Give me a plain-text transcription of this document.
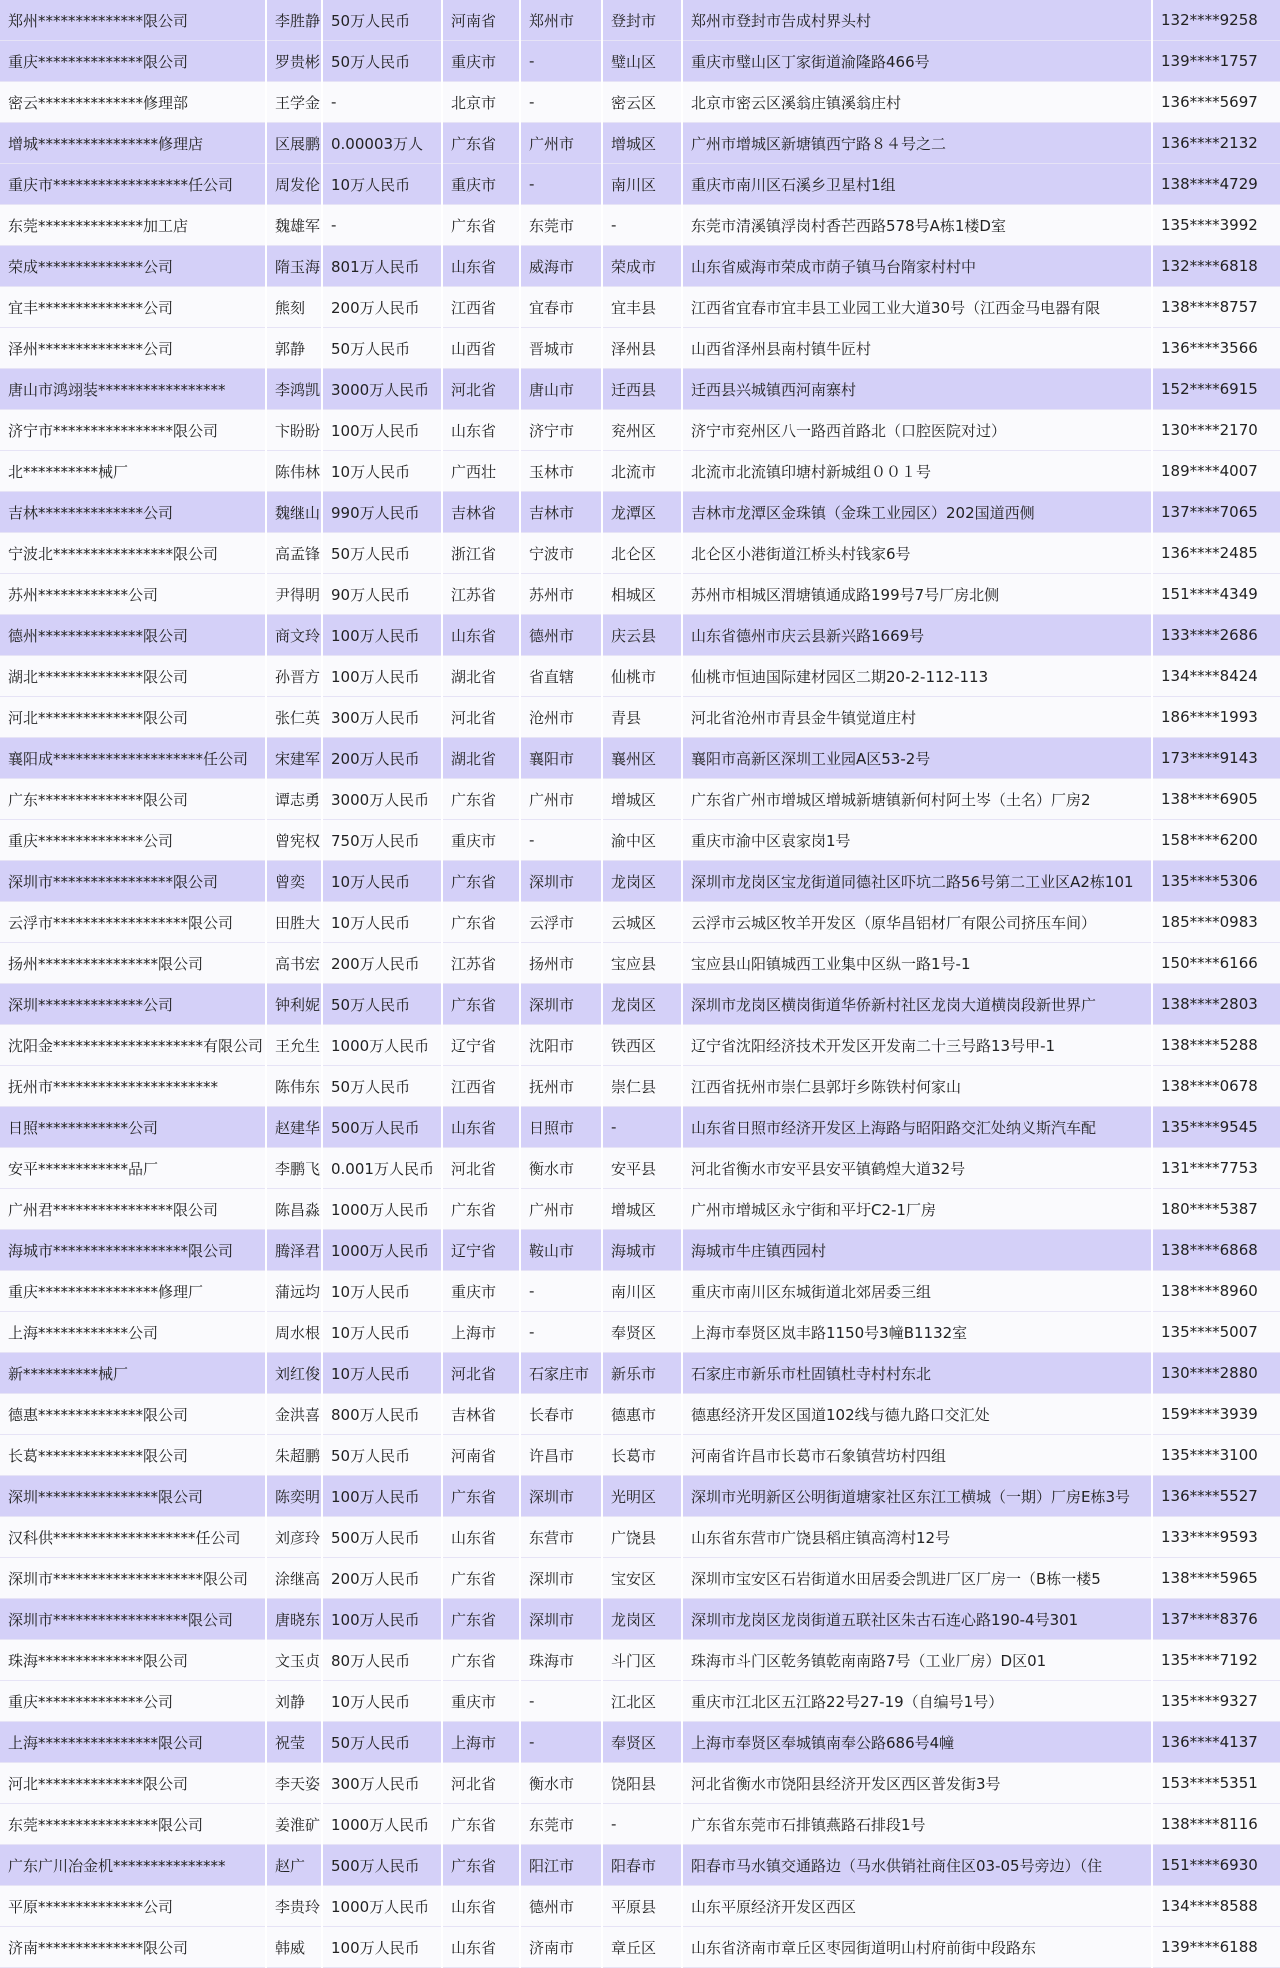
郑州**************限公司	李胜静	50万人民币	河南省	郑州市	登封市	郑州市登封市告成村界头村	132****9258
重庆**************限公司	罗贵彬	50万人民币	重庆市	-	璧山区	重庆市璧山区丁家街道渝隆路466号	139****1757
密云**************修理部	王学金	-	北京市	-	密云区	北京市密云区溪翁庄镇溪翁庄村	136****5697
增城****************修理店	区展鹏	0.00003万人	广东省	广州市	增城区	广州市增城区新塘镇西宁路８４号之二	136****2132
重庆市******************任公司	周发伦	10万人民币	重庆市	-	南川区	重庆市南川区石溪乡卫星村1组	138****4729
东莞**************加工店	魏雄军	-	广东省	东莞市	-	东莞市清溪镇浮岗村香芒西路578号A栋1楼D室	135****3992
荣成**************公司	隋玉海	801万人民币	山东省	威海市	荣成市	山东省威海市荣成市荫子镇马台隋家村村中	132****6818
宜丰**************公司	熊刻	200万人民币	江西省	宜春市	宜丰县	江西省宜春市宜丰县工业园工业大道30号（江西金马电器有限	138****8757
泽州**************公司	郭静	50万人民币	山西省	晋城市	泽州县	山西省泽州县南村镇牛匠村	136****3566
唐山市鸿翊装*****************	李鸿凯	3000万人民币	河北省	唐山市	迁西县	迁西县兴城镇西河南寨村	152****6915
济宁市****************限公司	卞盼盼	100万人民币	山东省	济宁市	兖州区	济宁市兖州区八一路西首路北（口腔医院对过）	130****2170
北**********械厂	陈伟林	10万人民币	广西壮	玉林市	北流市	北流市北流镇印塘村新城组００１号	189****4007
吉林**************公司	魏继山	990万人民币	吉林省	吉林市	龙潭区	吉林市龙潭区金珠镇（金珠工业园区）202国道西侧	137****7065
宁波北****************限公司	高孟锋	50万人民币	浙江省	宁波市	北仑区	北仑区小港街道江桥头村钱家6号	136****2485
苏州************公司	尹得明	90万人民币	江苏省	苏州市	相城区	苏州市相城区渭塘镇通成路199号7号厂房北侧	151****4349
德州**************限公司	商文玲	100万人民币	山东省	德州市	庆云县	山东省德州市庆云县新兴路1669号	133****2686
湖北**************限公司	孙晋方	100万人民币	湖北省	省直辖	仙桃市	仙桃市恒迪国际建材园区二期20-2-112-113	134****8424
河北**************限公司	张仁英	300万人民币	河北省	沧州市	青县	河北省沧州市青县金牛镇觉道庄村	186****1993
襄阳成********************任公司	宋建军	200万人民币	湖北省	襄阳市	襄州区	襄阳市高新区深圳工业园A区53-2号	173****9143
广东**************限公司	谭志勇	3000万人民币	广东省	广州市	增城区	广东省广州市增城区增城新塘镇新何村阿土岑（土名）厂房2	138****6905
重庆**************公司	曾宪权	750万人民币	重庆市	-	渝中区	重庆市渝中区袁家岗1号	158****6200
深圳市****************限公司	曾奕	10万人民币	广东省	深圳市	龙岗区	深圳市龙岗区宝龙街道同德社区吓坑二路56号第二工业区A2栋101	135****5306
云浮市******************限公司	田胜大	10万人民币	广东省	云浮市	云城区	云浮市云城区牧羊开发区（原华昌铝材厂有限公司挤压车间）	185****0983
扬州****************限公司	高书宏	200万人民币	江苏省	扬州市	宝应县	宝应县山阳镇城西工业集中区纵一路1号-1	150****6166
深圳**************公司	钟利妮	50万人民币	广东省	深圳市	龙岗区	深圳市龙岗区横岗街道华侨新村社区龙岗大道横岗段新世界广	138****2803
沈阳金********************有限公司	王允生	1000万人民币	辽宁省	沈阳市	铁西区	辽宁省沈阳经济技术开发区开发南二十三号路13号甲-1	138****5288
抚州市**********************	陈伟东	50万人民币	江西省	抚州市	崇仁县	江西省抚州市崇仁县郭圩乡陈铁村何家山	138****0678
日照************公司	赵建华	500万人民币	山东省	日照市	-	山东省日照市经济开发区上海路与昭阳路交汇处纳义斯汽车配	135****9545
安平************品厂	李鹏飞	0.001万人民币	河北省	衡水市	安平县	河北省衡水市安平县安平镇鹤煌大道32号	131****7753
广州君****************限公司	陈昌淼	1000万人民币	广东省	广州市	增城区	广州市增城区永宁街和平圩C2-1厂房	180****5387
海城市******************限公司	腾泽君	1000万人民币	辽宁省	鞍山市	海城市	海城市牛庄镇西园村	138****6868
重庆****************修理厂	蒲远均	10万人民币	重庆市	-	南川区	重庆市南川区东城街道北郊居委三组	138****8960
上海************公司	周水根	10万人民币	上海市	-	奉贤区	上海市奉贤区岚丰路1150号3幢B1132室	135****5007
新**********械厂	刘红俊	10万人民币	河北省	石家庄市	新乐市	石家庄市新乐市杜固镇杜寺村村东北	130****2880
德惠**************限公司	金洪喜	800万人民币	吉林省	长春市	德惠市	德惠经济开发区国道102线与德九路口交汇处	159****3939
长葛**************限公司	朱超鹏	50万人民币	河南省	许昌市	长葛市	河南省许昌市长葛市石象镇营坊村四组	135****3100
深圳****************限公司	陈奕明	100万人民币	广东省	深圳市	光明区	深圳市光明新区公明街道塘家社区东江工横城（一期）厂房E栋3号	136****5527
汉科供*******************任公司	刘彦玲	500万人民币	山东省	东营市	广饶县	山东省东营市广饶县稻庄镇高湾村12号	133****9593
深圳市********************限公司	涂继高	200万人民币	广东省	深圳市	宝安区	深圳市宝安区石岩街道水田居委会凯进厂区厂房一（B栋一楼5	138****5965
深圳市******************限公司	唐晓东	100万人民币	广东省	深圳市	龙岗区	深圳市龙岗区龙岗街道五联社区朱古石连心路190-4号301	137****8376
珠海**************限公司	文玉贞	80万人民币	广东省	珠海市	斗门区	珠海市斗门区乾务镇乾南南路7号（工业厂房）D区01	135****7192
重庆**************公司	刘静	10万人民币	重庆市	-	江北区	重庆市江北区五江路22号27-19（自编号1号）	135****9327
上海****************限公司	祝莹	50万人民币	上海市	-	奉贤区	上海市奉贤区奉城镇南奉公路686号4幢	136****4137
河北**************限公司	李天姿	300万人民币	河北省	衡水市	饶阳县	河北省衡水市饶阳县经济开发区西区普发街3号	153****5351
东莞****************限公司	姜淮矿	1000万人民币	广东省	东莞市	-	广东省东莞市石排镇燕路石排段1号	138****8116
广东广川冶金机***************	赵广	500万人民币	广东省	阳江市	阳春市	阳春市马水镇交通路边（马水供销社商住区03-05号旁边）（住	151****6930
平原**************公司	李贵玲	1000万人民币	山东省	德州市	平原县	山东平原经济开发区西区	134****8588
济南**************限公司	韩威	100万人民币	山东省	济南市	章丘区	山东省济南市章丘区枣园街道明山村府前街中段路东	139****6188
